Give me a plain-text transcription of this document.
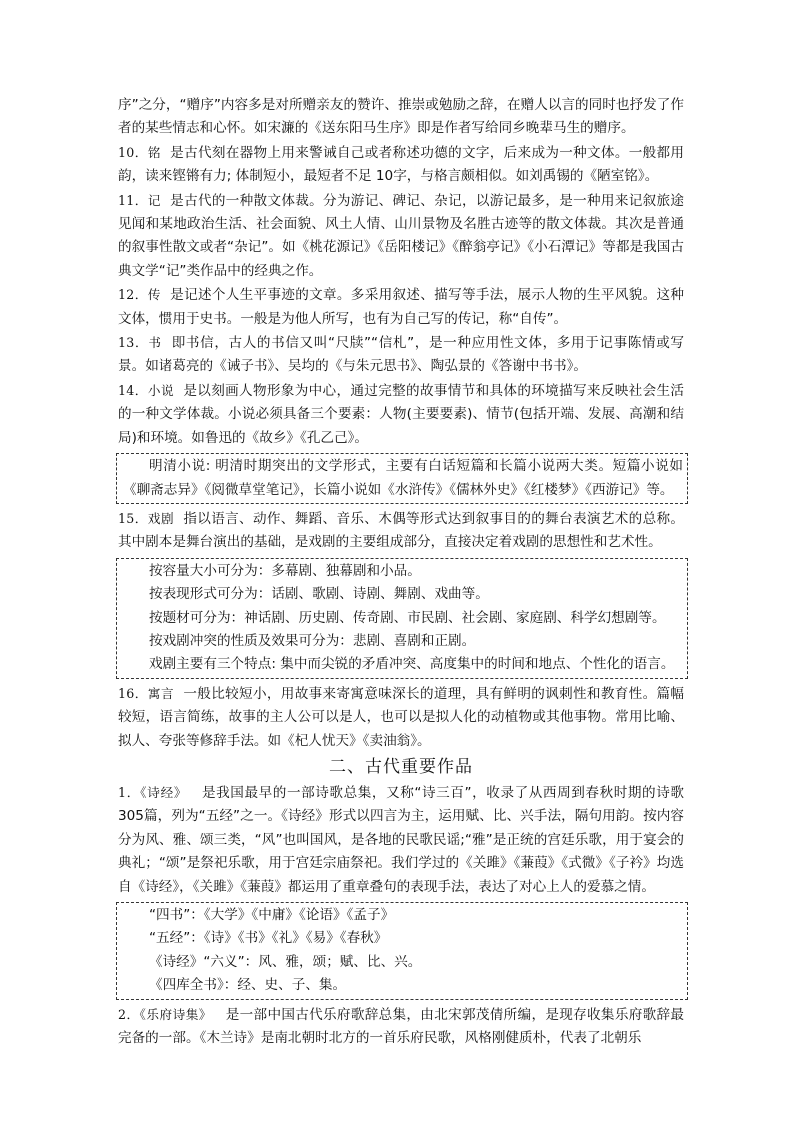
序”之分，“赠序”内容多是对所赠亲友的赞许、推崇或勉励之辞，在赠人以言的同时也抒发了作者的某些情志和心怀。如宋濂的《送东阳马生序》即是作者写给同乡晚辈马生的赠序。

10．铭 是古代刻在器物上用来警诫自己或者称述功德的文字，后来成为一种文体。一般都用韵，读来铿锵有力; 体制短小，最短者不足 10字，与格言颇相似。如刘禹锡的《陋室铭》。

11．记 是古代的一种散文体裁。分为游记、碑记、杂记，以游记最多，是一种用来记叙旅途见闻和某地政治生活、社会面貌、风土人情、山川景物及名胜古迹等的散文体裁。其次是普通的叙事性散文或者“杂记”。如《桃花源记》《岳阳楼记》《醉翁亭记》《小石潭记》等都是我国古典文学“记”类作品中的经典之作。

12．传 是记述个人生平事迹的文章。多采用叙述、描写等手法，展示人物的生平风貌。这种文体，惯用于史书。一般是为他人所写，也有为自己写的传记，称“自传”。

13．书 即书信，古人的书信又叫“尺牍”“信札”，是一种应用性文体，多用于记事陈情或写景。如诸葛亮的《诫子书》、吴均的《与朱元思书》、陶弘景的《答谢中书书》。

14．小说 是以刻画人物形象为中心，通过完整的故事情节和具体的环境描写来反映社会生活的一种文学体裁。小说必须具备三个要素：人物(主要要素)、情节(包括开端、发展、高潮和结局)和环境。如鲁迅的《故乡》《孔乙己》。

明清小说: 明清时期突出的文学形式，主要有白话短篇和长篇小说两大类。短篇小说如《聊斋志异》《阅微草堂笔记》，长篇小说如《水浒传》《儒林外史》《红楼梦》《西游记》等。

15．戏剧 指以语言、动作、舞蹈、音乐、木偶等形式达到叙事目的的舞台表演艺术的总称。其中剧本是舞台演出的基础，是戏剧的主要组成部分，直接决定着戏剧的思想性和艺术性。

按容量大小可分为：多幕剧、独幕剧和小品。

按表现形式可分为：话剧、歌剧、诗剧、舞剧、戏曲等。

按题材可分为：神话剧、历史剧、传奇剧、市民剧、社会剧、家庭剧、科学幻想剧等。

按戏剧冲突的性质及效果可分为：悲剧、喜剧和正剧。

戏剧主要有三个特点: 集中而尖锐的矛盾冲突、高度集中的时间和地点、个性化的语言。

16．寓言 一般比较短小，用故事来寄寓意味深长的道理，具有鲜明的讽刺性和教育性。篇幅较短，语言简练，故事的主人公可以是人，也可以是拟人化的动植物或其他事物。常用比喻、拟人、夸张等修辞手法。如《杞人忧天》《卖油翁》。

二、古代重要作品

1．《诗经》 是我国最早的一部诗歌总集，又称“诗三百”，收录了从西周到春秋时期的诗歌 305篇，列为“五经”之一。《诗经》形式以四言为主，运用赋、比、兴手法，隔句用韵。按内容分为风、雅、颂三类，“风”也叫国风，是各地的民歌民谣;“雅”是正统的宫廷乐歌，用于宴会的典礼；“颂”是祭祀乐歌，用于宫廷宗庙祭祀。我们学过的《关雎》《蒹葭》《式微》《子衿》均选自《诗经》，《关雎》《蒹葭》都运用了重章叠句的表现手法，表达了对心上人的爱慕之情。

“四书”：《大学》《中庸》《论语》《孟子》

“五经”：《诗》《书》《礼》《易》《春秋》

《诗经》“六义”：风、雅，颂；赋、比、兴。

《四库全书》：经、史、子、集。

2．《乐府诗集》 是一部中国古代乐府歌辞总集，由北宋郭茂倩所编，是现存收集乐府歌辞最完备的一部。《木兰诗》是南北朝时北方的一首乐府民歌，风格刚健质朴，代表了北朝乐
